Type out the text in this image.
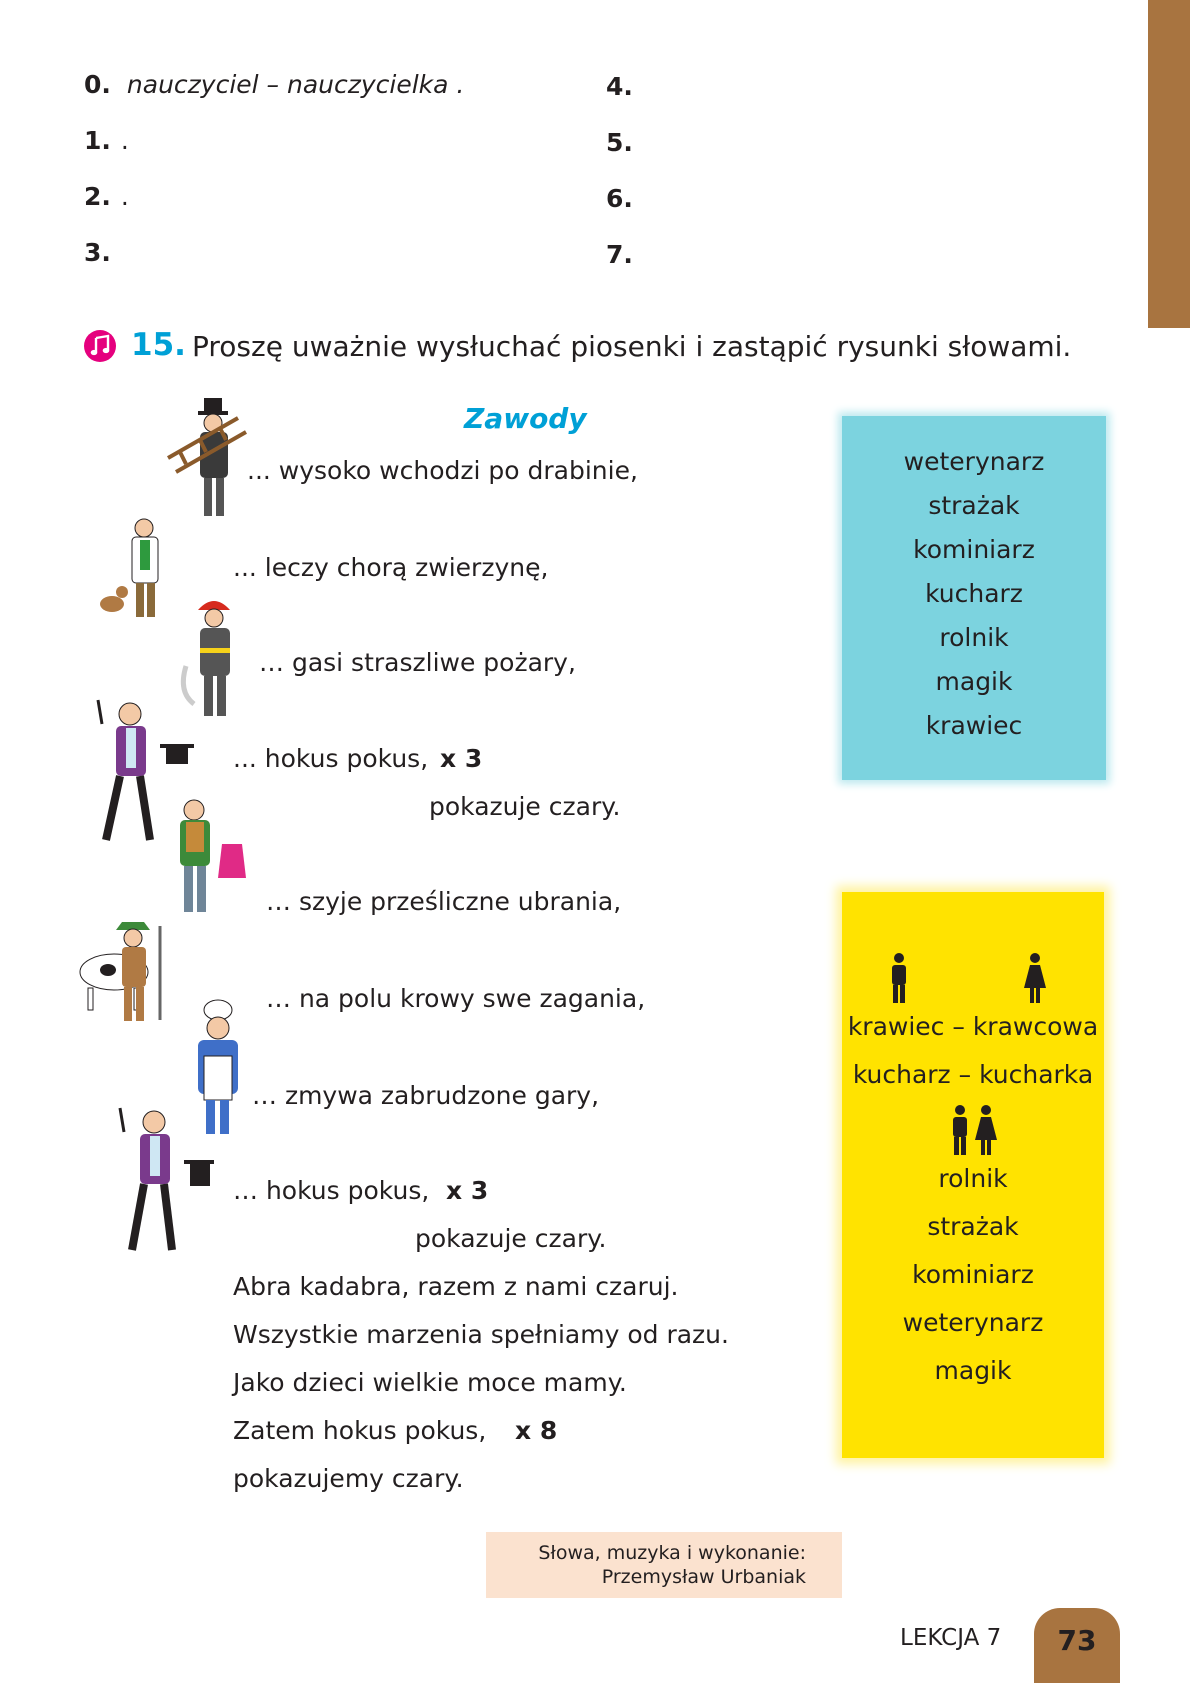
0. nauczyciel – nauczycielka .
1. .
2. .
3.
4.
5.
6.
7.
15. Proszę uważnie wysłuchać piosenki i zastąpić rysunki słowami.
Zawody
... wysoko wchodzi po drabinie,
... leczy chorą zwierzynę,
… gasi straszliwe pożary,
... hokus pokus, x 3
pokazuje czary.
… szyje prześliczne ubrania,
… na polu krowy swe zagania,
… zmywa zabrudzone gary,
… hokus pokus, x 3
pokazuje czary.
Abra kadabra, razem z nami czaruj.
Wszystkie marzenia spełniamy od razu.
Jako dzieci wielkie moce mamy.
Zatem hokus pokus, x 8
pokazujemy czary.
weterynarz
strażak
kominiarz
kucharz
rolnik
magik
krawiec
krawiec – krawcowa
kucharz – kucharka
rolnik
strażak
kominiarz
weterynarz
magik
Słowa, muzyka i wykonanie:
Przemysław Urbaniak
LEKCJA 7	73
